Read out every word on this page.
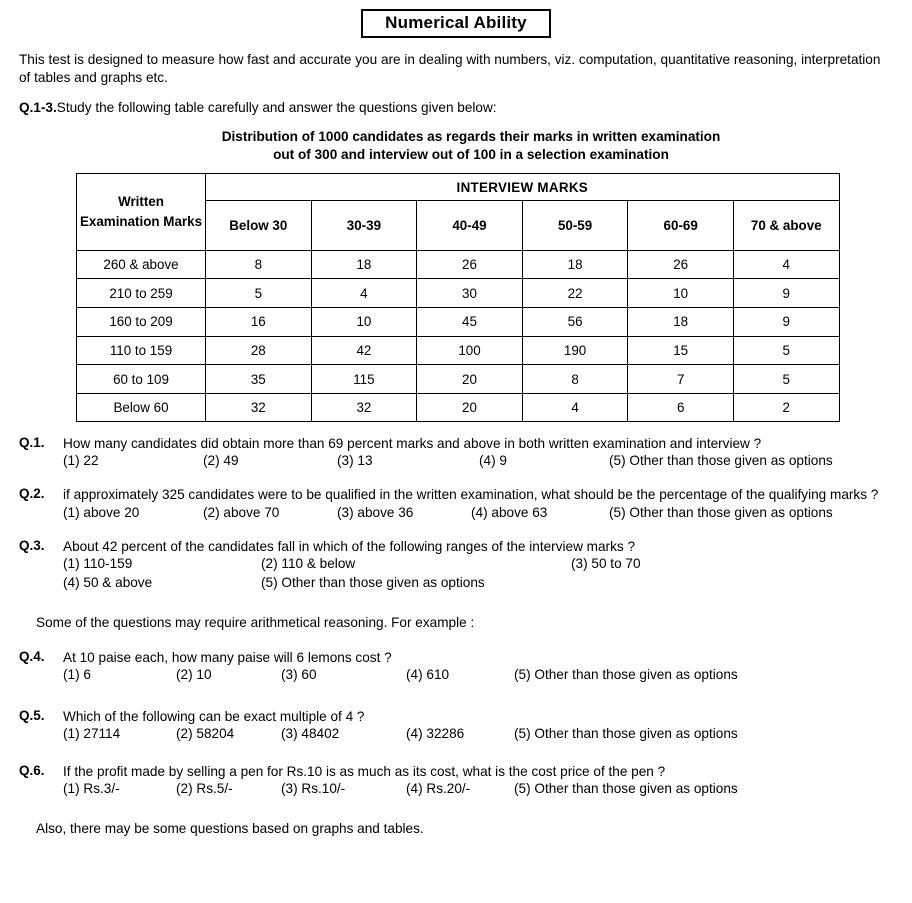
Numerical Ability

This test is designed to measure how fast and accurate you are in dealing with numbers, viz. computation, quantitative reasoning, interpretation of tables and graphs etc.

Q.1-3.Study the following table carefully and answer the questions given below:
Distribution of 1000 candidates as regards their marks in written examination
out of 300 and interview out of 100 in a selection examination
Written Examination Marks	INTERVIEW MARKS					
	Below 30	30-39	40-49	50-59	60-69	70 & above
260 & above	8	18	26	18	26	4
210 to 259	5	4	30	22	10	9
160 to 209	16	10	45	56	18	9
110 to 159	28	42	100	190	15	5
60 to 109	35	115	20	8	7	5
Below 60	32	32	20	4	6	2
Q.1.	How many candidates did obtain more than 69 percent marks and above in both written examination and interview ?
(1) 22	(2) 49	(3) 13	(4) 9	(5) Other than those given as options
Q.2.	if approximately 325 candidates were to be qualified in the written examination, what should be the percentage of the qualifying marks ?
(1) above 20	(2) above 70	(3) above 36	(4) above 63	(5) Other than those given as options
Q.3.	About 42 percent of the candidates fall in which of the following ranges of the interview marks ?
(1) 110-159	(2) 110 & below	(3) 50 to 70
(4) 50 & above	(5) Other than those given as options

Some of the questions may require arithmetical reasoning. For example :

Q.4.	At 10 paise each, how many paise will 6 lemons cost ?
(1) 6	(2) 10	(3) 60	(4) 610	(5) Other than those given as options
Q.5.	Which of the following can be exact multiple of 4 ?
(1) 27114	(2) 58204	(3) 48402	(4) 32286	(5) Other than those given as options
Q.6.	If the profit made by selling a pen for Rs.10 is as much as its cost, what is the cost price of the pen ?
(1) Rs.3/-	(2) Rs.5/-	(3) Rs.10/-	(4) Rs.20/-	(5) Other than those given as options

Also, there may be some questions based on graphs and tables.
